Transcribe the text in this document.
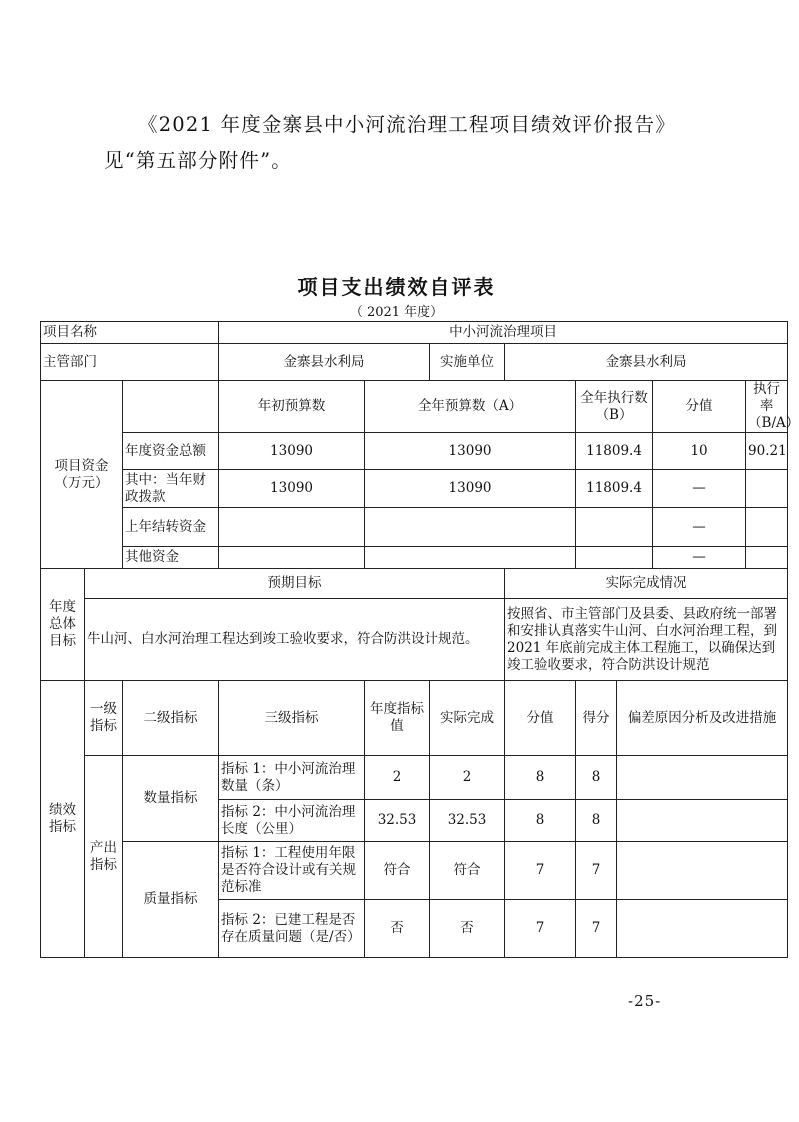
《2021 年度金寨县中小河流治理工程项目绩效评价报告》
见“第五部分附件”。
项目支出绩效自评表
（ 2021 年度）
项目名称			中小河流治理项目								
主管部门			金寨县水利局		实施单位	金寨县水利局					
项目资金（万元）			年初预算数	全年预算数（A）			全年执行数（B）		分值	执行率（B/A）	
		年度资金总额	13090	13090			11809.4		10	90.21	
		其中：当年财政拨款	13090	13090			11809.4		—		
		上年结转资金							—		
		其他资金							—		
年度总体目标	预期目标					实际完成情况					
	牛山河、白水河治理工程达到竣工验收要求，符合防洪设计规范。					按照省、市主管部门及县委、县政府统一部署和安排认真落实牛山河、白水河治理工程，到 2021 年底前完成主体工程施工，以确保达到竣工验收要求，符合防洪设计规范					
绩效指标	一级指标	二级指标	三级指标	年度指标值	实际完成	分值	得分	偏差原因分析及改进措施			
	产出指标	数量指标	指标 1：中小河流治理数量（条）	2	2	8	8				
			指标 2：中小河流治理长度（公里）	32.53	32.53	8	8				
		质量指标	指标 1：工程使用年限是否符合设计或有关规范标准	符合	符合	7	7				
			指标 2：已建工程是否存在质量问题（是/否）	否	否	7	7				
-25-
